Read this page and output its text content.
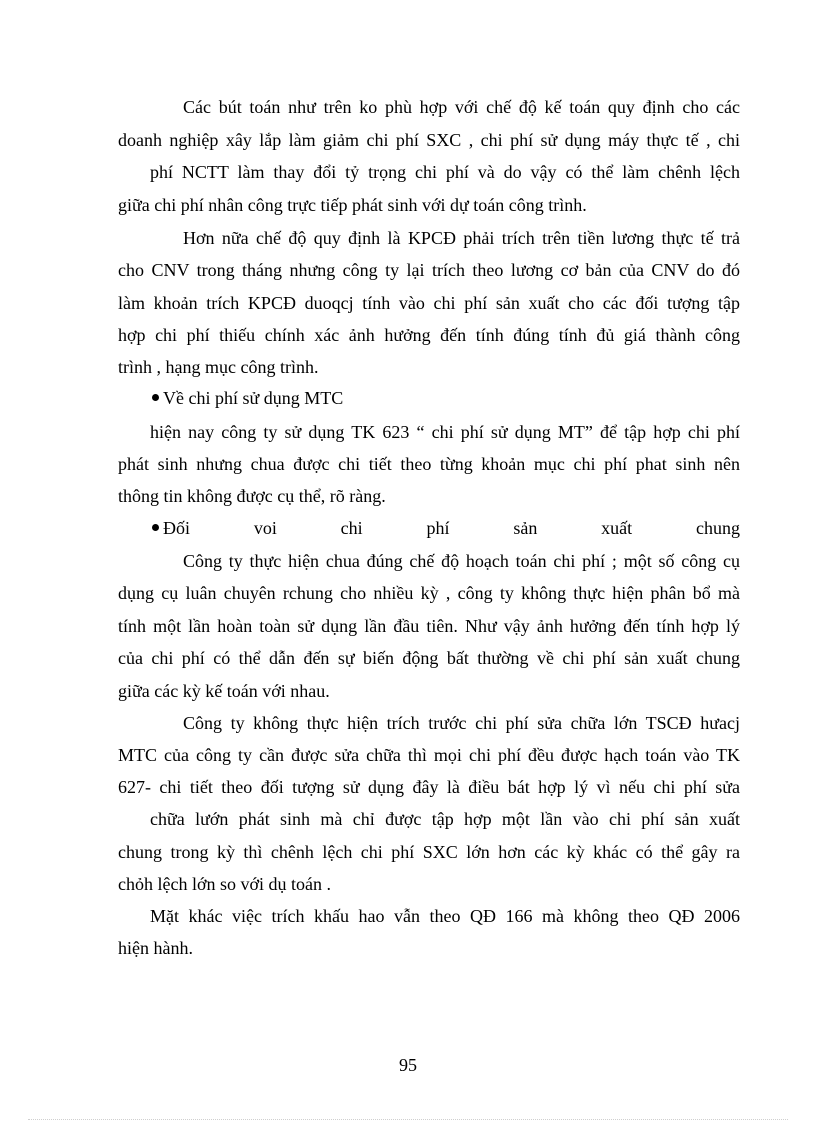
Các bút toán như trên ko phù hợp với chế độ kế toán quy định cho các
doanh nghiệp xây lắp làm giảm chi phí SXC , chi phí sử dụng máy thực tế , chi
phí NCTT làm thay đổi tỷ trọng chi phí và do vậy có thể làm chênh lệch
giữa chi phí nhân công trực tiếp phát sinh với dự toán công trình.
Hơn nữa chế độ quy định là KPCĐ phải trích trên tiền lương thực tế trả
cho CNV trong tháng nhưng công ty lại trích theo lương cơ bản của CNV do đó
làm khoản trích KPCĐ duoqcj tính vào chi phí sản xuất cho các đối tượng tập
hợp chi phí thiếu chính xác ảnh hưởng đến tính đúng tính đủ giá thành công
trình , hạng mục công trình.
Về chi phí sử dụng MTC
hiện nay công ty sử dụng TK 623 “ chi phí sử dụng MT” để tập hợp chi phí
phát sinh nhưng chua được chi tiết theo từng khoản mục chi phí phat sinh nên
thông tin không được cụ thể, rõ ràng.
Đối voi chi phí sản xuất chung
Công ty thực hiện chua đúng chế độ hoạch toán chi phí ; một số công cụ
dụng cụ luân chuyên rchung cho nhiều kỳ , công ty không thực hiện phân bổ mà
tính một lần hoàn toàn sử dụng lần đầu tiên. Như vậy ảnh hưởng đến tính hợp lý
của chi phí có thể dẫn đến sự biến động bất thường về chi phí sản xuất chung
giữa các kỳ kế toán với nhau.
Công ty không thực hiện trích trước chi phí sửa chữa lớn TSCĐ hưacj
MTC của công ty cần được sửa chữa thì mọi chi phí đều được hạch toán vào TK
627- chi tiết theo đối tượng sử dụng đây là điều bát hợp lý vì nếu chi phí sửa
chữa lướn phát sinh mà chỉ được tập hợp một lần vào chi phí sản xuất
chung trong kỳ thì chênh lệch chi phí SXC lớn hơn các kỳ khác có thể gây ra
chỏh lệch lớn so với dụ toán .
Mặt khác việc trích khấu hao vẫn theo QĐ 166 mà không theo QĐ 2006
hiện hành.
95
